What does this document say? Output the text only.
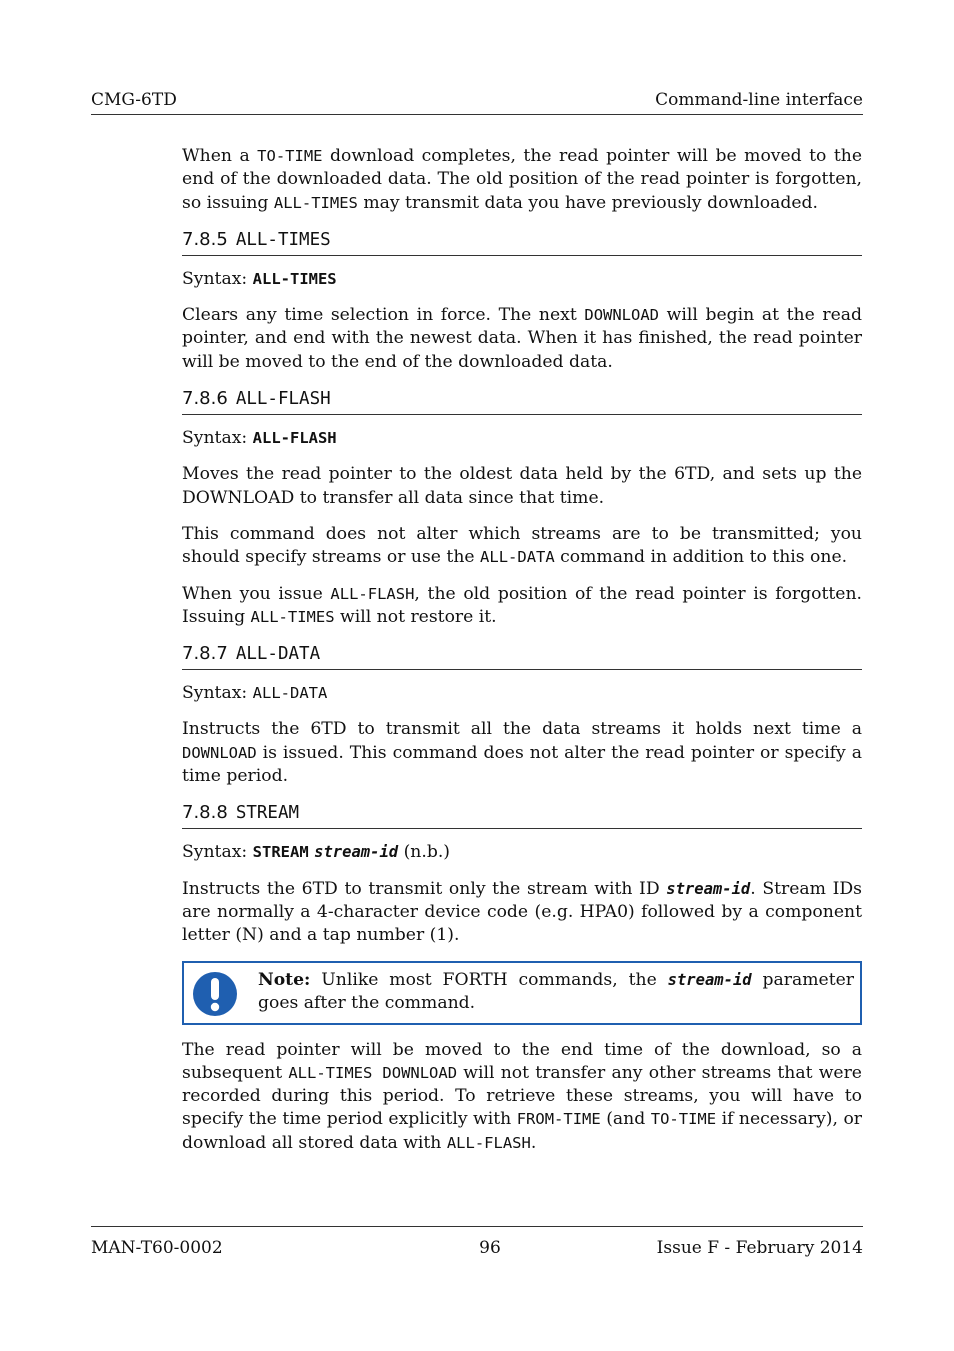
CMG-6TD	Command-line interface

When a TO-TIME download completes, the read pointer will be moved to the end of the downloaded data. The old position of the read pointer is forgotten, so issuing ALL-TIMES may transmit data you have previously downloaded.

7.8.5 ALL-TIMES

Syntax: ALL-TIMES

Clears any time selection in force. The next DOWNLOAD will begin at the read pointer, and end with the newest data. When it has finished, the read pointer will be moved to the end of the downloaded data.

7.8.6 ALL-FLASH

Syntax: ALL-FLASH

Moves the read pointer to the oldest data held by the 6TD, and sets up the DOWNLOAD to transfer all data since that time.

This command does not alter which streams are to be transmitted; you should specify streams or use the ALL-DATA command in addition to this one.

When you issue ALL-FLASH, the old position of the read pointer is forgotten. Issuing ALL-TIMES will not restore it.

7.8.7 ALL-DATA

Syntax: ALL-DATA

Instructs the 6TD to transmit all the data streams it holds next time a DOWNLOAD is issued. This command does not alter the read pointer or specify a time period.

7.8.8 STREAM

Syntax: STREAM stream-id (n.b.)

Instructs the 6TD to transmit only the stream with ID stream-id. Stream IDs are normally a 4-character device code (e.g. HPA0) followed by a component letter (N) and a tap number (1).

Note: Unlike most FORTH commands, the stream-id parameter goes after the command.

The read pointer will be moved to the end time of the download, so a subsequent ALL-TIMES DOWNLOAD will not transfer any other streams that were recorded during this period. To retrieve these streams, you will have to specify the time period explicitly with FROM-TIME (and TO-TIME if necessary), or download all stored data with ALL-FLASH.

MAN-T60-0002	96	Issue F - February 2014
